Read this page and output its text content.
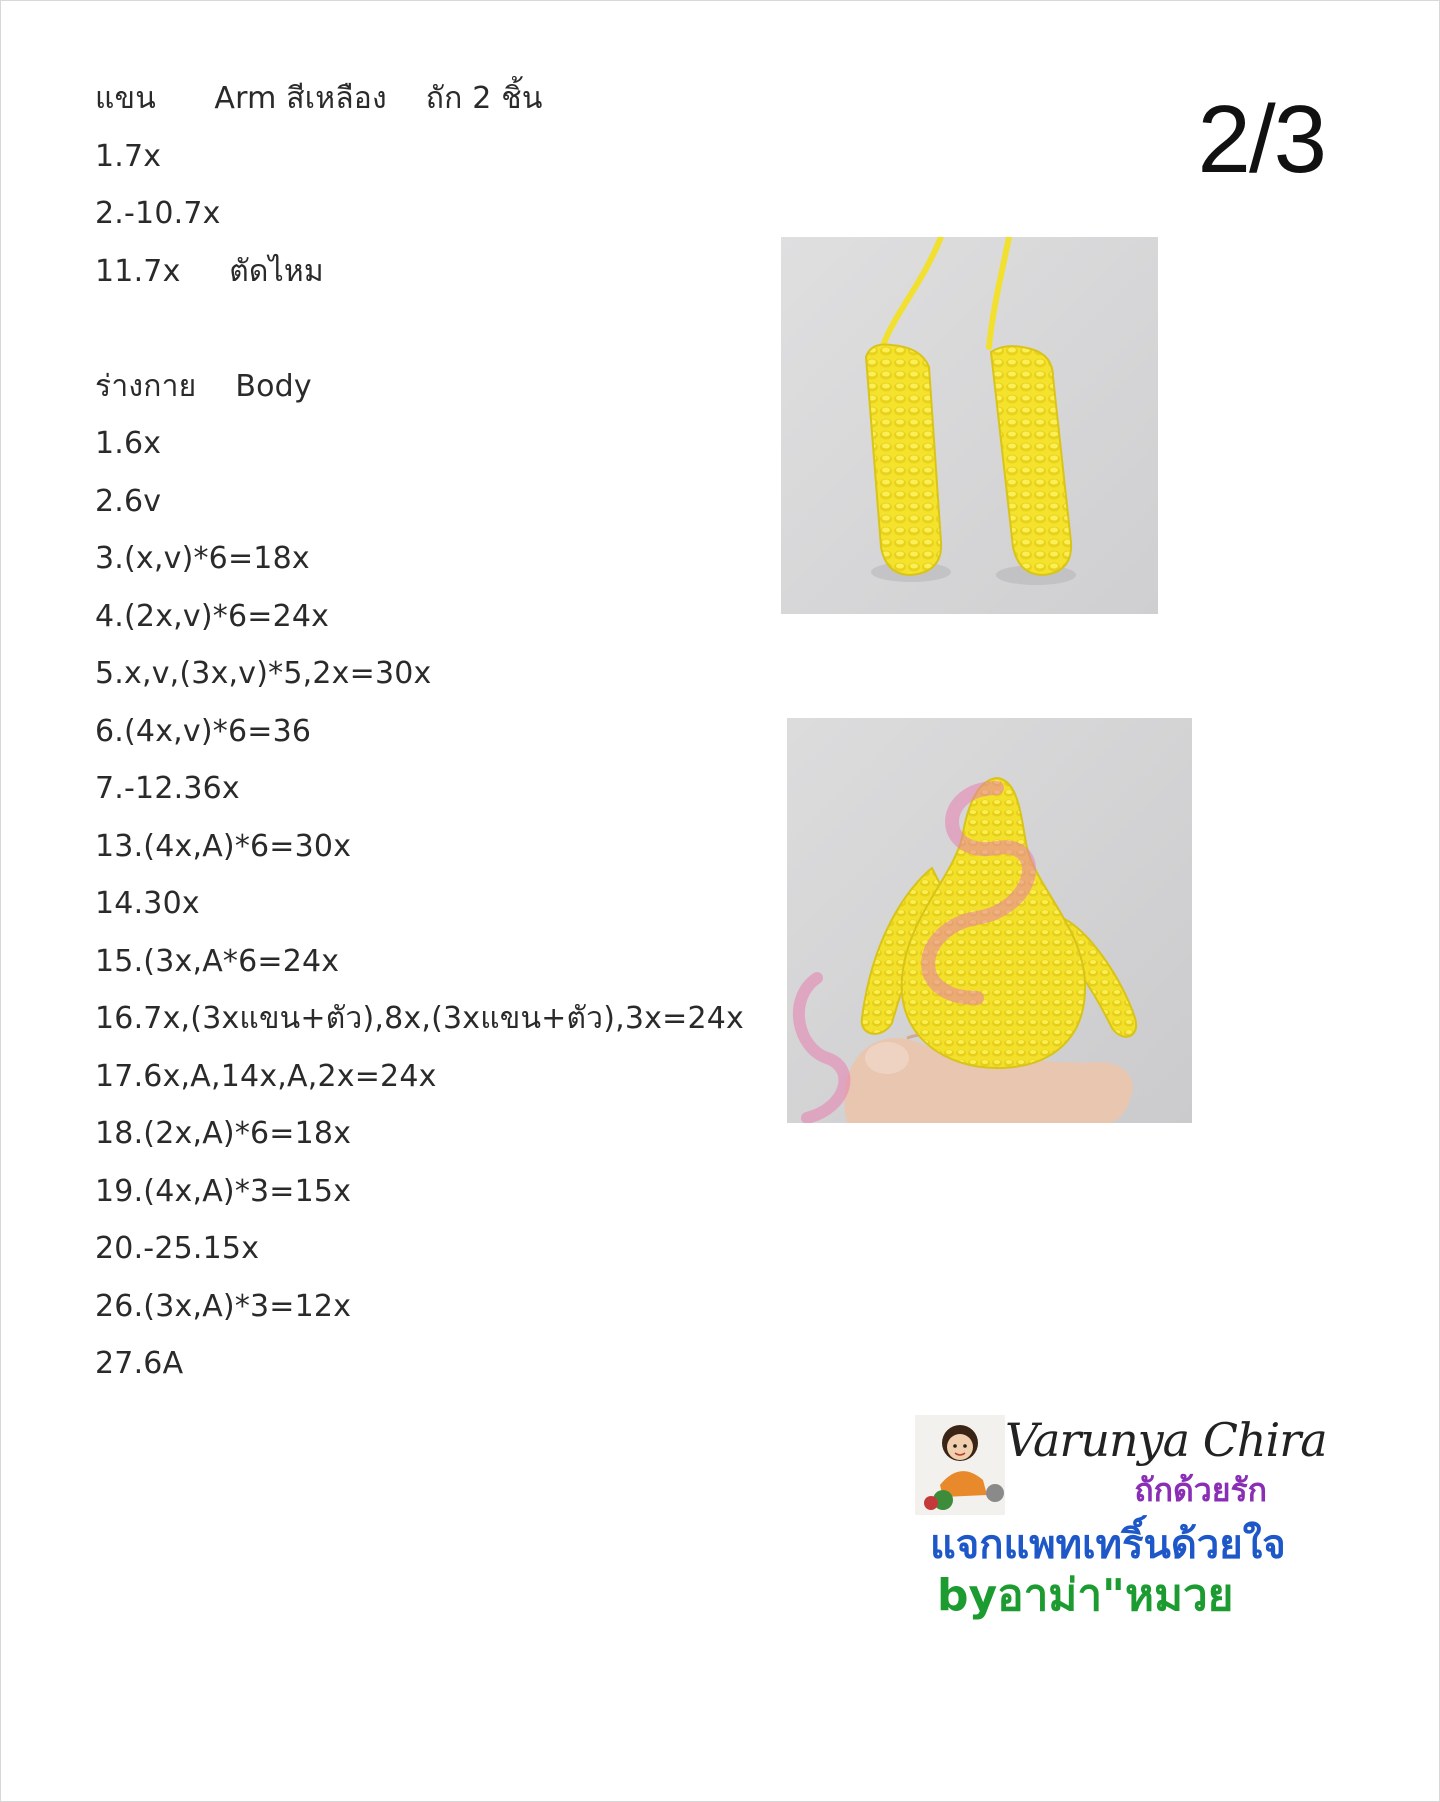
แขน      Arm สีเหลือง    ถัก 2 ชิ้น
1.7x
2.-10.7x
11.7x     ตัดไหม
ร่างกาย    Body
1.6x
2.6v
3.(x,v)*6=18x
4.(2x,v)*6=24x
5.x,v,(3x,v)*5,2x=30x
6.(4x,v)*6=36
7.-12.36x
13.(4x,A)*6=30x
14.30x
15.(3x,A*6=24x
16.7x,(3xแขน+ตัว),8x,(3xแขน+ตัว),3x=24x
17.6x,A,14x,A,2x=24x
18.(2x,A)*6=18x
19.(4x,A)*3=15x
20.-25.15x
26.(3x,A)*3=12x
27.6A
2/3
Varunya Chira
ถักด้วยรัก
แจกแพทเทริ์นด้วยใจ
byอาม่า"หมวย
